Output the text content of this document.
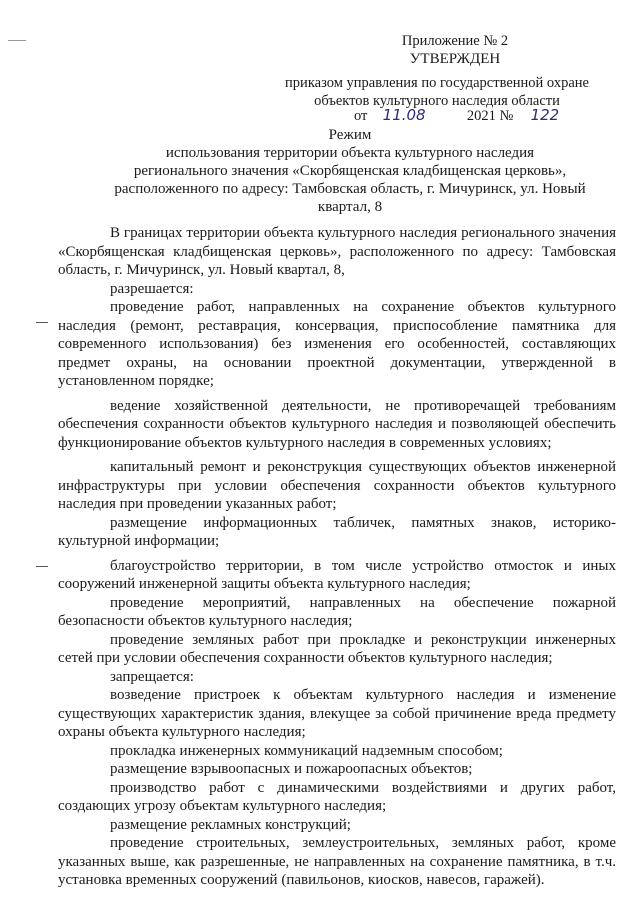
Приложение № 2
УТВЕРЖДЕН
приказом управления по государственной охране
объектов культурного наследия области
от 11.08	2021 № 122
Режим
использования территории объекта культурного наследия
регионального значения «Скорбященская кладбищенская церковь»,
расположенного по адресу: Тамбовская область, г. Мичуринск, ул. Новый
квартал, 8

В границах территории объекта культурного наследия регионального значения «Скорбященская кладбищенская церковь», расположенного по адресу: Тамбовская область, г. Мичуринск, ул. Новый квартал, 8,

разрешается:

проведение работ, направленных на сохранение объектов культурного наследия (ремонт, реставрация, консервация, приспособление памятника для современного использования) без изменения его особенностей, составляющих предмет охраны, на основании проектной документации, утвержденной в установленном порядке;

ведение хозяйственной деятельности, не противоречащей требованиям обеспечения сохранности объектов культурного наследия и позволяющей обеспечить функционирование объектов культурного наследия в современных условиях;

капитальный ремонт и реконструкция существующих объектов инженерной инфраструктуры при условии обеспечения сохранности объектов культурного наследия при проведении указанных работ;

размещение информационных табличек, памятных знаков, историко-культурной информации;

благоустройство территории, в том числе устройство отмосток и иных сооружений инженерной защиты объекта культурного наследия;

проведение мероприятий, направленных на обеспечение пожарной безопасности объектов культурного наследия;

проведение земляных работ при прокладке и реконструкции инженерных сетей при условии обеспечения сохранности объектов культурного наследия;

запрещается:

возведение пристроек к объектам культурного наследия и изменение существующих характеристик здания, влекущее за собой причинение вреда предмету охраны объекта культурного наследия;

прокладка инженерных коммуникаций надземным способом;

размещение взрывоопасных и пожароопасных объектов;

производство работ с динамическими воздействиями и других работ, создающих угрозу объектам культурного наследия;

размещение рекламных конструкций;

проведение строительных, землеустроительных, земляных работ, кроме указанных выше, как разрешенные, не направленных на сохранение памятника, в т.ч. установка временных сооружений (павильонов, киосков, навесов, гаражей).
